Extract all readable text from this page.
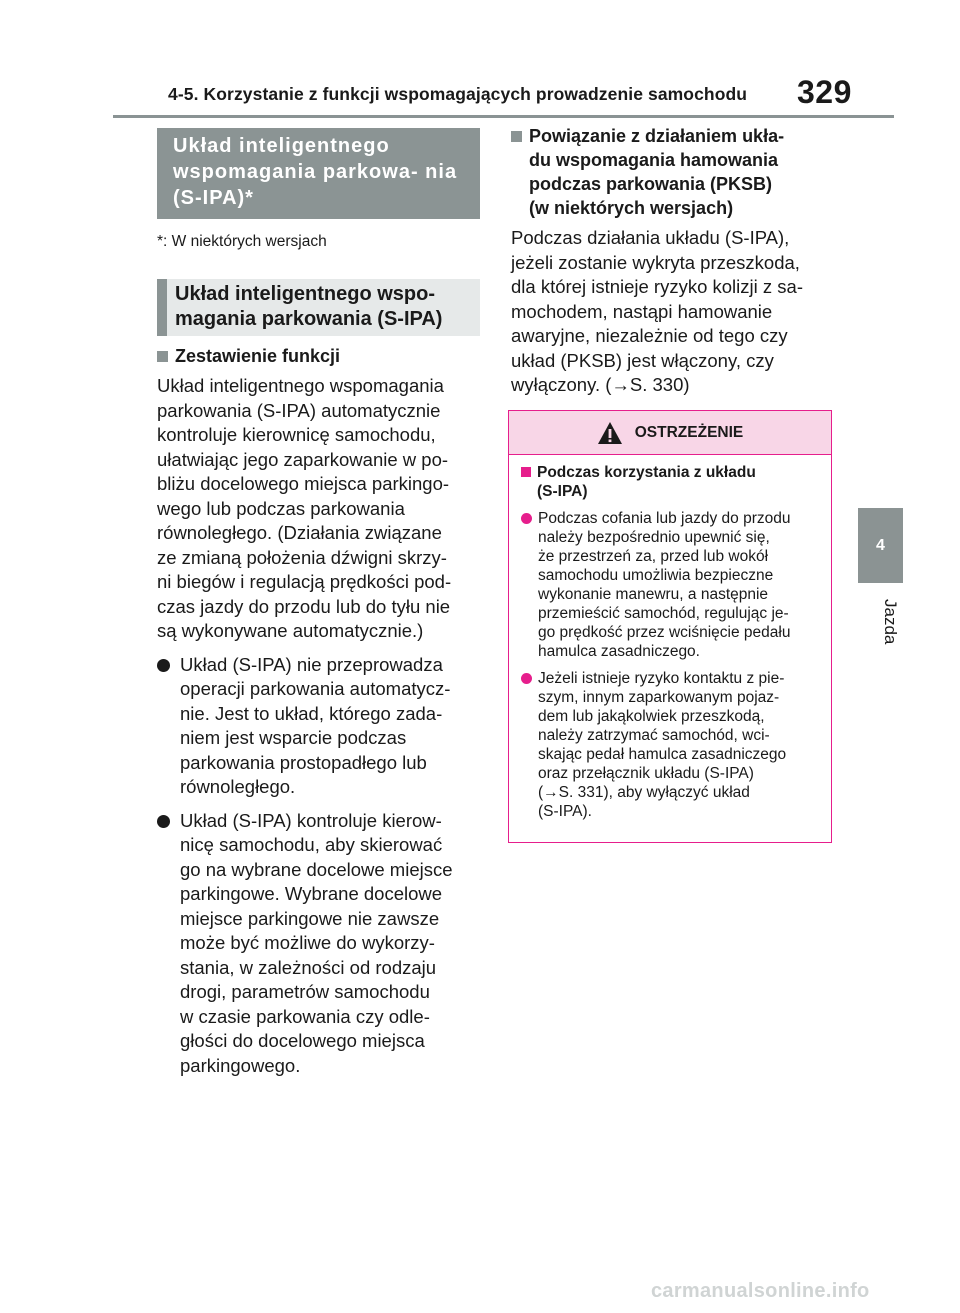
4-5. Korzystanie z funkcji wspomagających prowadzenie samochodu 329
4
Jazda
Układ inteligentnego wspomagania parkowa- nia (S-IPA)*
*: W niektórych wersjach
Układ inteligentnego wspo- magania parkowania (S-IPA)
Zestawienie funkcji
Układ inteligentnego wspomagania
parkowania (S-IPA) automatycznie
kontroluje kierownicę samochodu,
ułatwiając jego zaparkowanie w po-
bliżu docelowego miejsca parkingo-
wego lub podczas parkowania
równoległego. (Działania związane
ze zmianą położenia dźwigni skrzy-
ni biegów i regulacją prędkości pod-
czas jazdy do przodu lub do tyłu nie
są wykonywane automatycznie.)
Układ (S-IPA) nie przeprowadza
operacji parkowania automatycz-
nie. Jest to układ, którego zada-
niem jest wsparcie podczas
parkowania prostopadłego lub
równoległego.
Układ (S-IPA) kontroluje kierow-
nicę samochodu, aby skierować
go na wybrane docelowe miejsce
parkingowe. Wybrane docelowe
miejsce parkingowe nie zawsze
może być możliwe do wykorzy-
stania, w zależności od rodzaju
drogi, parametrów samochodu
w czasie parkowania czy odle-
głości do docelowego miejsca
parkingowego.
Powiązanie z działaniem ukła-
du wspomagania hamowania
podczas parkowania (PKSB)
(w niektórych wersjach)
Podczas działania układu (S-IPA),
jeżeli zostanie wykryta przeszkoda,
dla której istnieje ryzyko kolizji z sa-
mochodem, nastąpi hamowanie
awaryjne, niezależnie od tego czy
układ (PKSB) jest włączony, czy
wyłączony. (→S. 330)
OSTRZEŻENIE
Podczas korzystania z układu
(S-IPA)
Podczas cofania lub jazdy do przodu
należy bezpośrednio upewnić się,
że przestrzeń za, przed lub wokół
samochodu umożliwia bezpieczne
wykonanie manewru, a następnie
przemieścić samochód, regulując je-
go prędkość przez wciśnięcie pedału
hamulca zasadniczego.
Jeżeli istnieje ryzyko kontaktu z pie-
szym, innym zaparkowanym pojaz-
dem lub jakąkolwiek przeszkodą,
należy zatrzymać samochód, wci-
skając pedał hamulca zasadniczego
oraz przełącznik układu (S-IPA)
(→S. 331), aby wyłączyć układ
(S-IPA).
carmanualsonline.info
